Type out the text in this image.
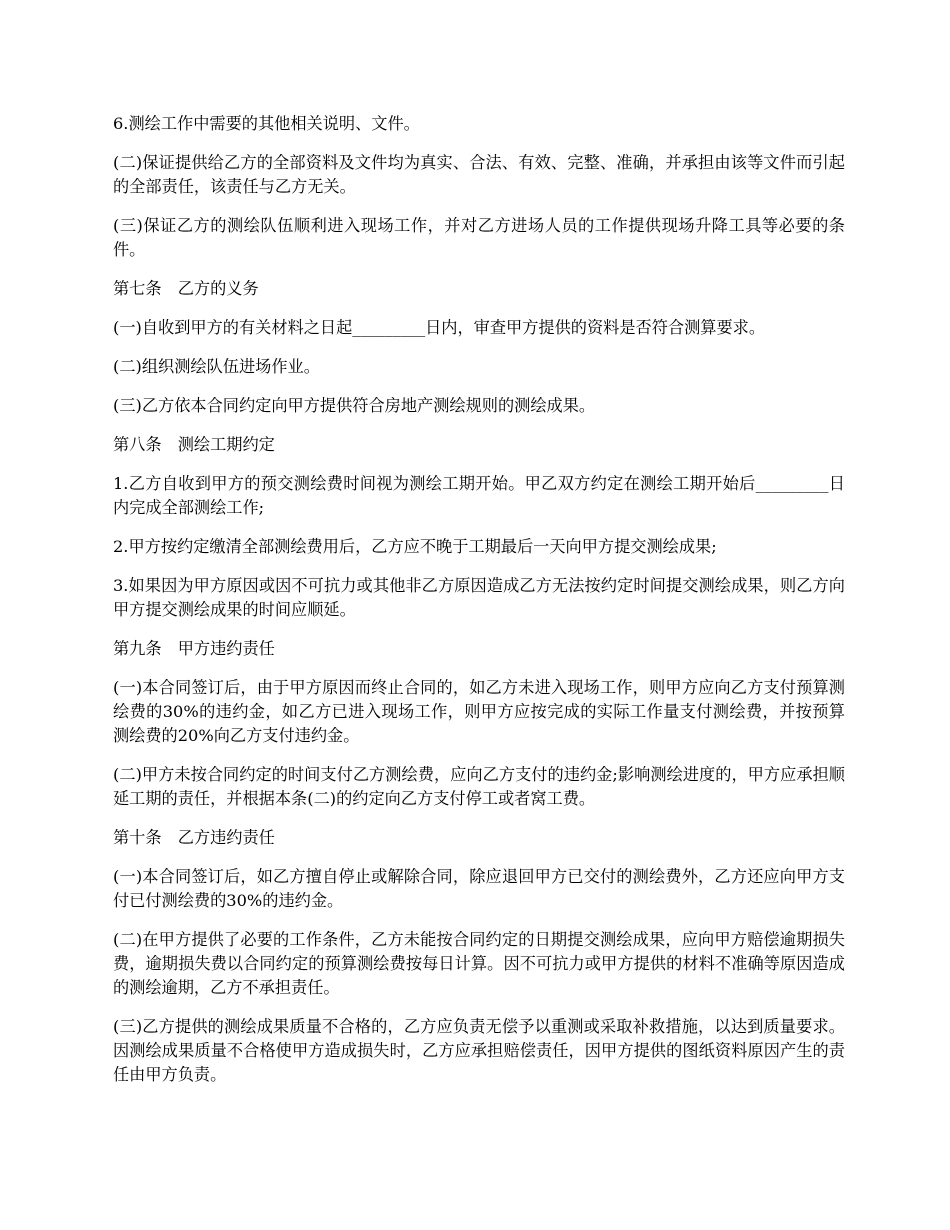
6.测绘工作中需要的其他相关说明、文件。

(二)保证提供给乙方的全部资料及文件均为真实、合法、有效、完整、准确，并承担由该等文件而引起的全部责任，该责任与乙方无关。

(三)保证乙方的测绘队伍顺利进入现场工作，并对乙方进场人员的工作提供现场升降工具等必要的条件。

第七条　乙方的义务

(一)自收到甲方的有关材料之日起_________日内，审查甲方提供的资料是否符合测算要求。

(二)组织测绘队伍进场作业。

(三)乙方依本合同约定向甲方提供符合房地产测绘规则的测绘成果。

第八条　测绘工期约定

1.乙方自收到甲方的预交测绘费时间视为测绘工期开始。甲乙双方约定在测绘工期开始后_________日内完成全部测绘工作;

2.甲方按约定缴清全部测绘费用后，乙方应不晚于工期最后一天向甲方提交测绘成果;

3.如果因为甲方原因或因不可抗力或其他非乙方原因造成乙方无法按约定时间提交测绘成果，则乙方向甲方提交测绘成果的时间应顺延。

第九条　甲方违约责任

(一)本合同签订后，由于甲方原因而终止合同的，如乙方未进入现场工作，则甲方应向乙方支付预算测绘费的30%的违约金，如乙方已进入现场工作，则甲方应按完成的实际工作量支付测绘费，并按预算测绘费的20%向乙方支付违约金。

(二)甲方未按合同约定的时间支付乙方测绘费，应向乙方支付的违约金;影响测绘进度的，甲方应承担顺延工期的责任，并根据本条(二)的约定向乙方支付停工或者窝工费。

第十条　乙方违约责任

(一)本合同签订后，如乙方擅自停止或解除合同，除应退回甲方已交付的测绘费外，乙方还应向甲方支付已付测绘费的30%的违约金。

(二)在甲方提供了必要的工作条件，乙方未能按合同约定的日期提交测绘成果，应向甲方赔偿逾期损失费，逾期损失费以合同约定的预算测绘费按每日计算。因不可抗力或甲方提供的材料不准确等原因造成的测绘逾期，乙方不承担责任。

(三)乙方提供的测绘成果质量不合格的，乙方应负责无偿予以重测或采取补救措施，以达到质量要求。因测绘成果质量不合格使甲方造成损失时，乙方应承担赔偿责任，因甲方提供的图纸资料原因产生的责任由甲方负责。
